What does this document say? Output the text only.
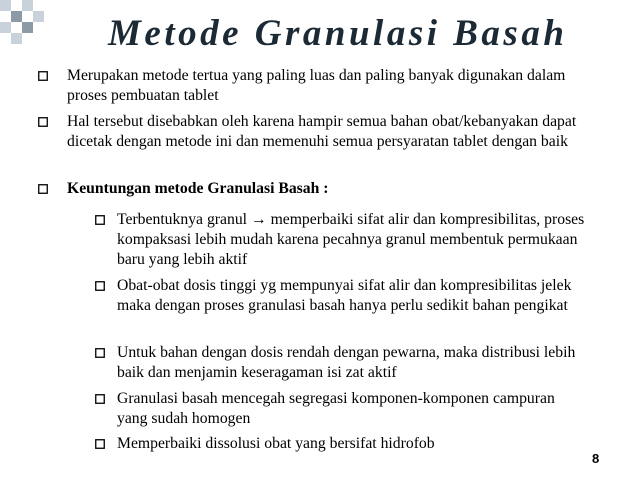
Metode Granulasi Basah
Merupakan metode tertua yang paling luas dan paling banyak digunakan dalam proses pembuatan tablet
Hal tersebut disebabkan oleh karena hampir semua bahan obat/kebanyakan dapat dicetak dengan metode ini dan memenuhi semua persyaratan tablet dengan baik
Keuntungan metode Granulasi Basah :
Terbentuknya granul → memperbaiki sifat alir dan kompresibilitas, proses kompaksasi lebih mudah karena pecahnya granul membentuk permukaan baru yang lebih aktif
Obat-obat dosis tinggi yg mempunyai sifat alir dan kompresibilitas jelek maka dengan proses granulasi basah hanya perlu sedikit bahan pengikat
Untuk bahan dengan dosis rendah dengan pewarna, maka distribusi lebih baik dan menjamin keseragaman isi zat aktif
Granulasi basah mencegah segregasi komponen-komponen campuran yang sudah homogen
Memperbaiki dissolusi obat yang bersifat hidrofob
8
